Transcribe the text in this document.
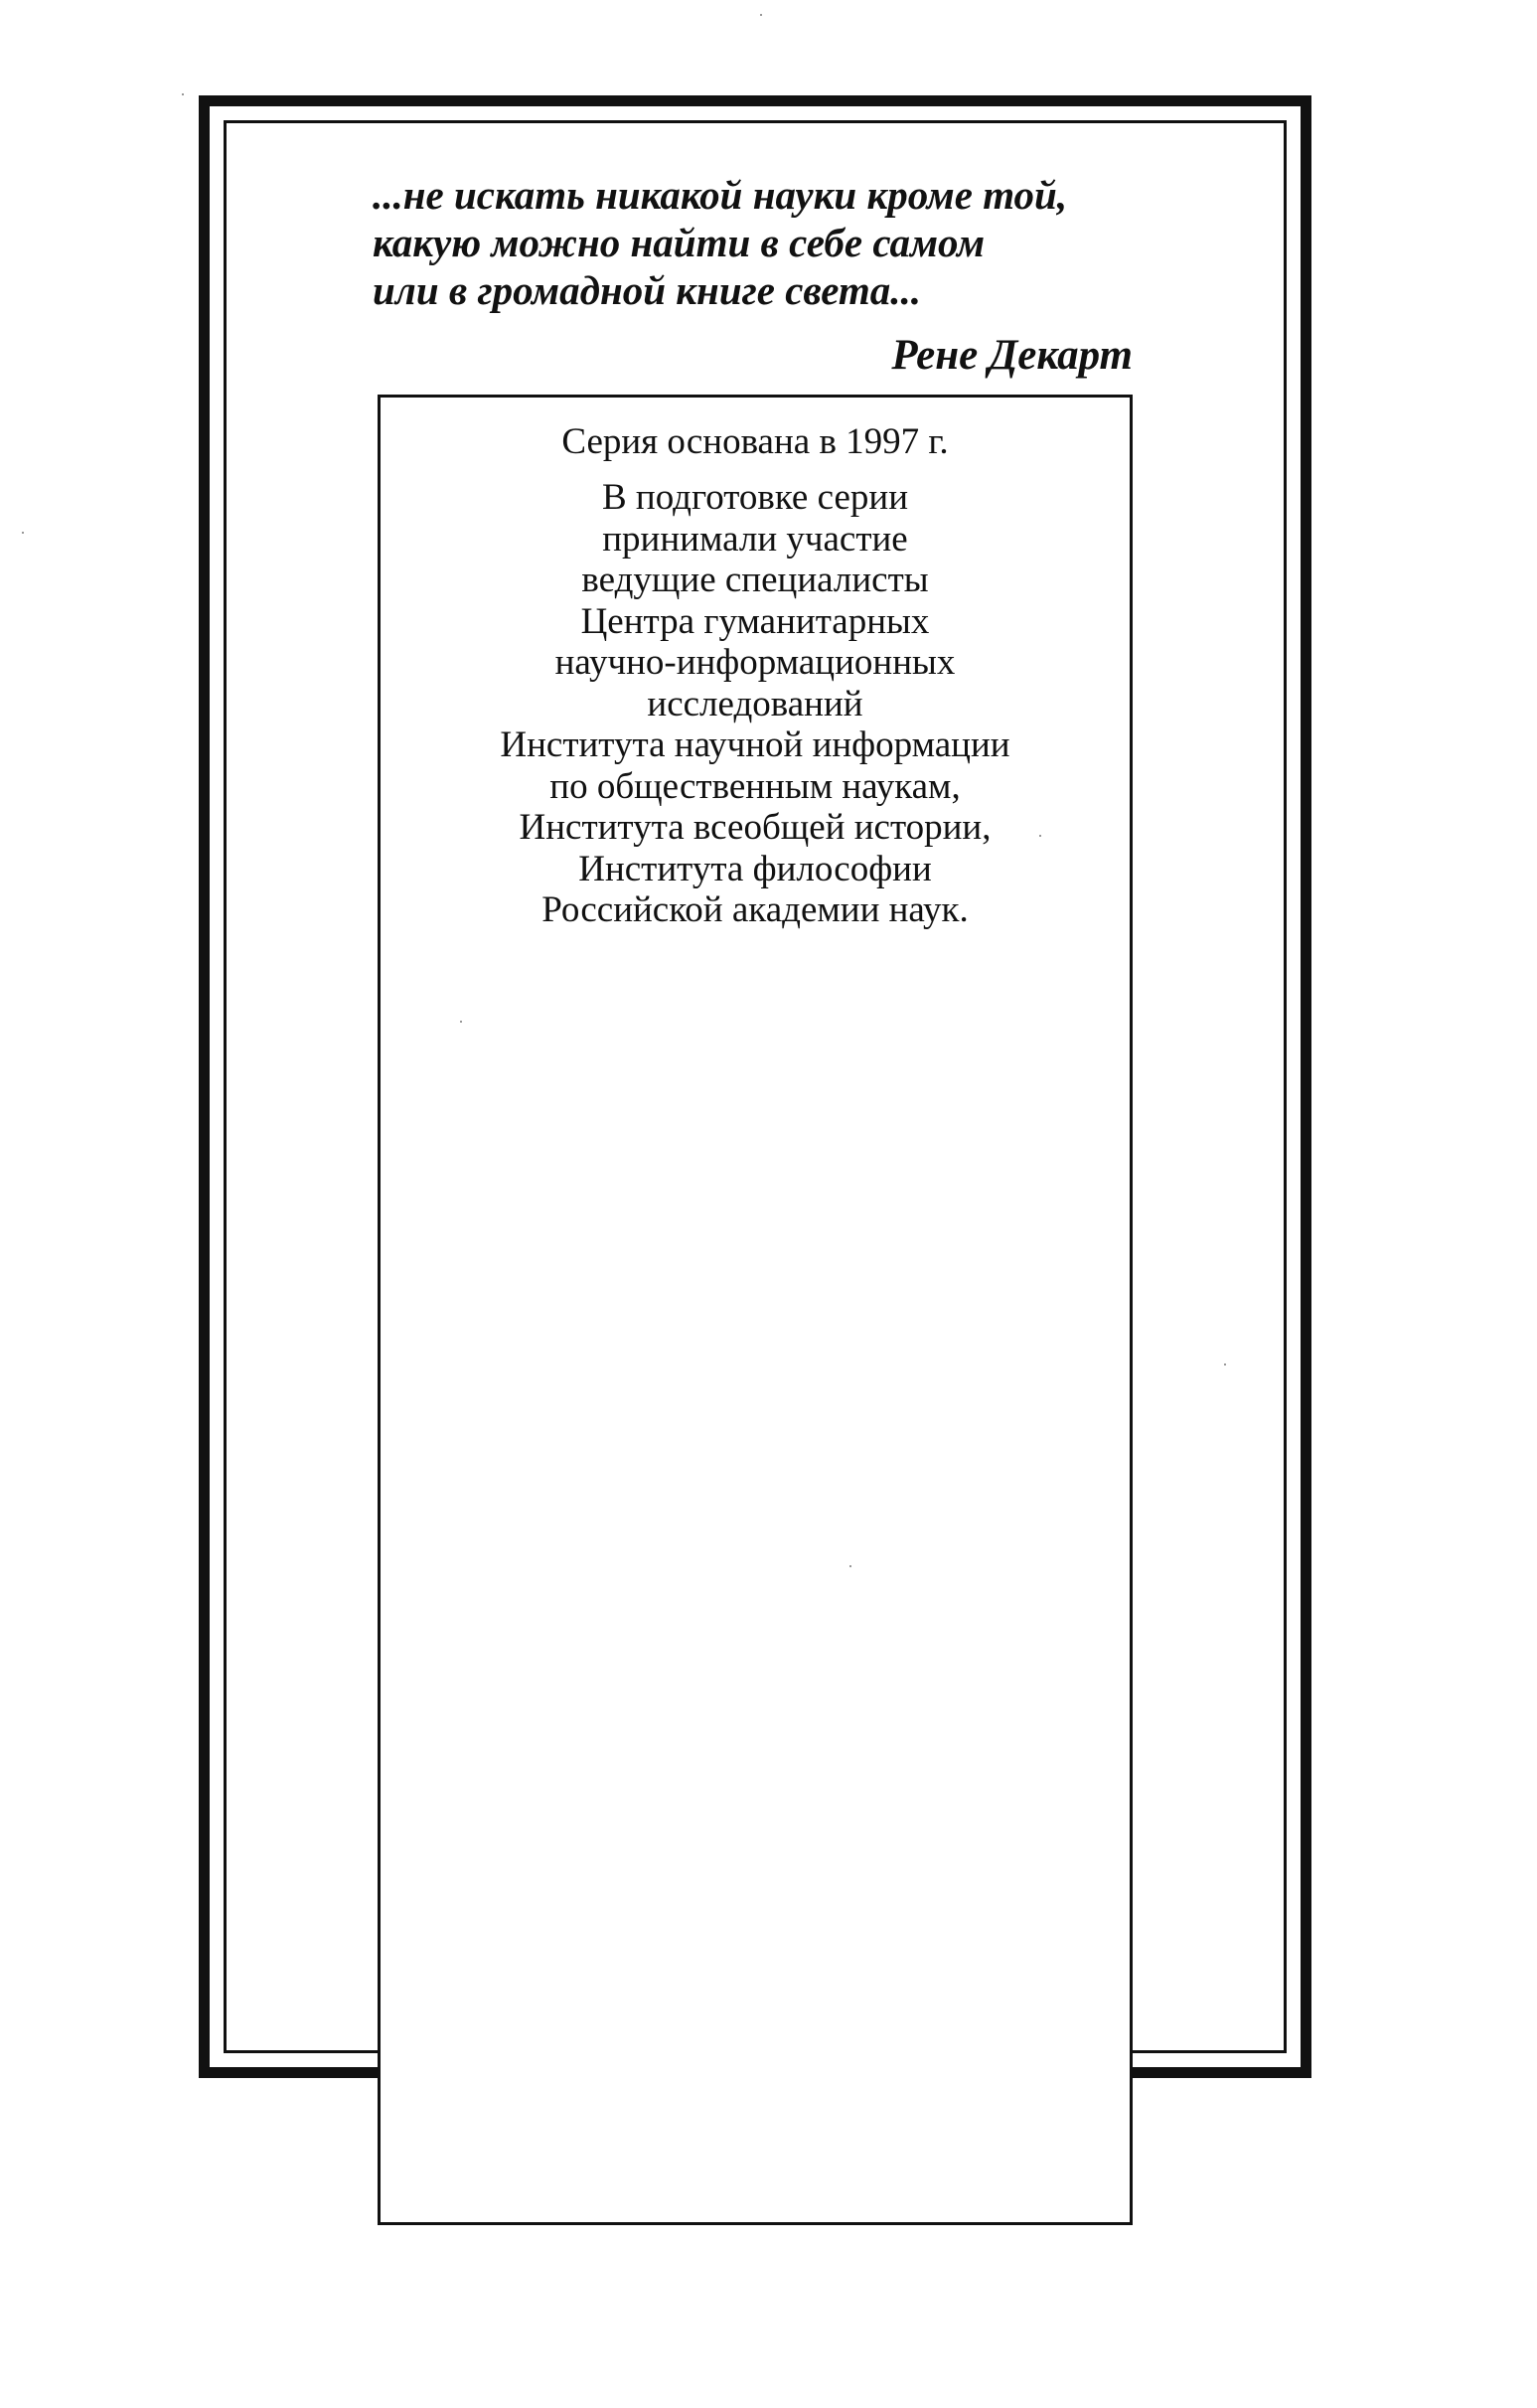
...не искать никакой науки кроме той,
какую можно найти в себе самом
или в громадной книге света...

Рене Декарт

Серия основана в 1997 г.

В подготовке серии
принимали участие
ведущие специалисты
Центра гуманитарных
научно-информационных
исследований
Института научной информации
по общественным наукам,
Института всеобщей истории,
Института философии
Российской академии наук.
